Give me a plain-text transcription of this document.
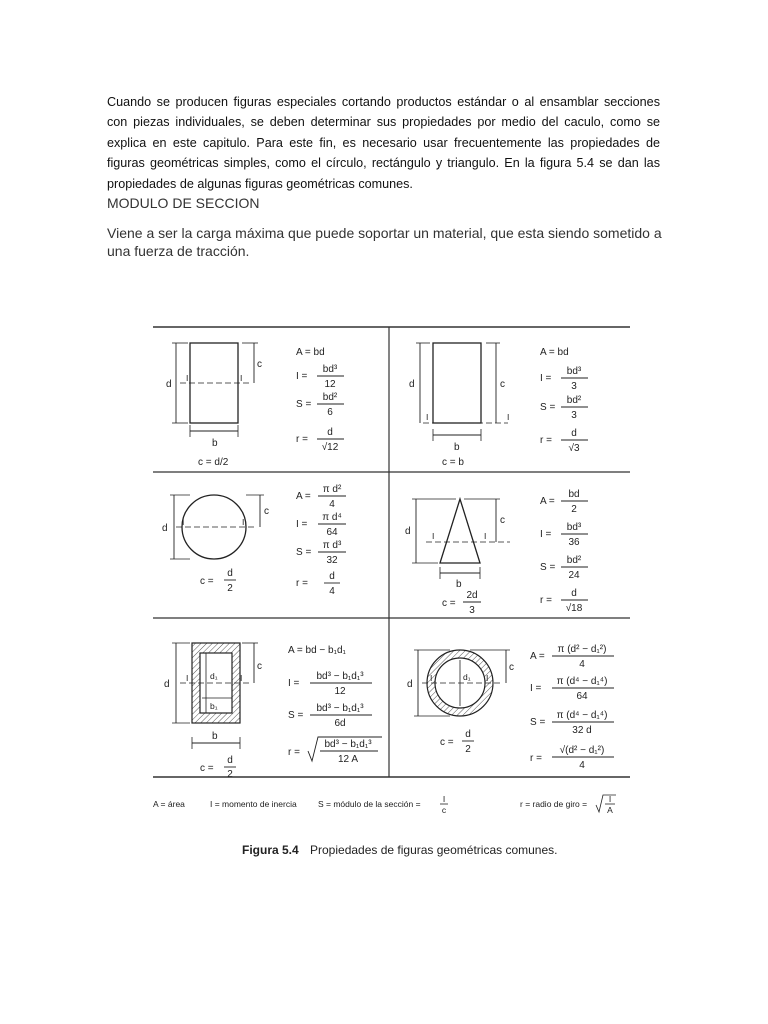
Cuando se producen figuras especiales cortando productos estándar o al ensamblar secciones con piezas individuales, se deben determinar sus propiedades por medio del caculo, como se explica en este capitulo. Para este fin, es necesario usar frecuentemente las propiedades de figuras geométricas simples, como el círculo, rectángulo y triangulo. En la figura 5.4 se dan las propiedades de algunas figuras geométricas comunes.

MODULO DE SECCION

Viene a ser la carga máxima que puede soportar un material, que esta siendo sometido a una fuerza de tracción.

I	I
d
c
b
c = d/2
A = bd
I =
bd³
12
S =
bd²
6
r =
d
√12
I	I
d	c
b
c = b
A = bd
I =
bd³
3
S =
bd²
3
r =
d
√3
I	I
d
c
c =
d
2
A =
π d²
4
I =
π d⁴
64
S =
π d³
32
r =
d
4
I	I
d
c
b
c =
2d
3
A =
bd
2
I =
bd³
36
S =
bd²
24
r =
d
√18
I	I
d
c
d₁
b₁
b
c =
d
2
A = bd − b₁d₁
I =
bd³ − b₁d₁³
12
S =
bd³ − b₁d₁³
6d
r =
bd³ − b₁d₁³
12 A
I	I
d
c
d₁
c =
d
2
A =
π (d² − d₁²)
4
I =
π (d⁴ − d₁⁴)
64
S =
π (d⁴ − d₁⁴)
32 d
r =
√(d² − d₁²)
4
A = área	I = momento de inercia	S = módulo de la sección =	I
c
r = radio de giro =	I
A
Figura 5.4 Propiedades de figuras geométricas comunes.
